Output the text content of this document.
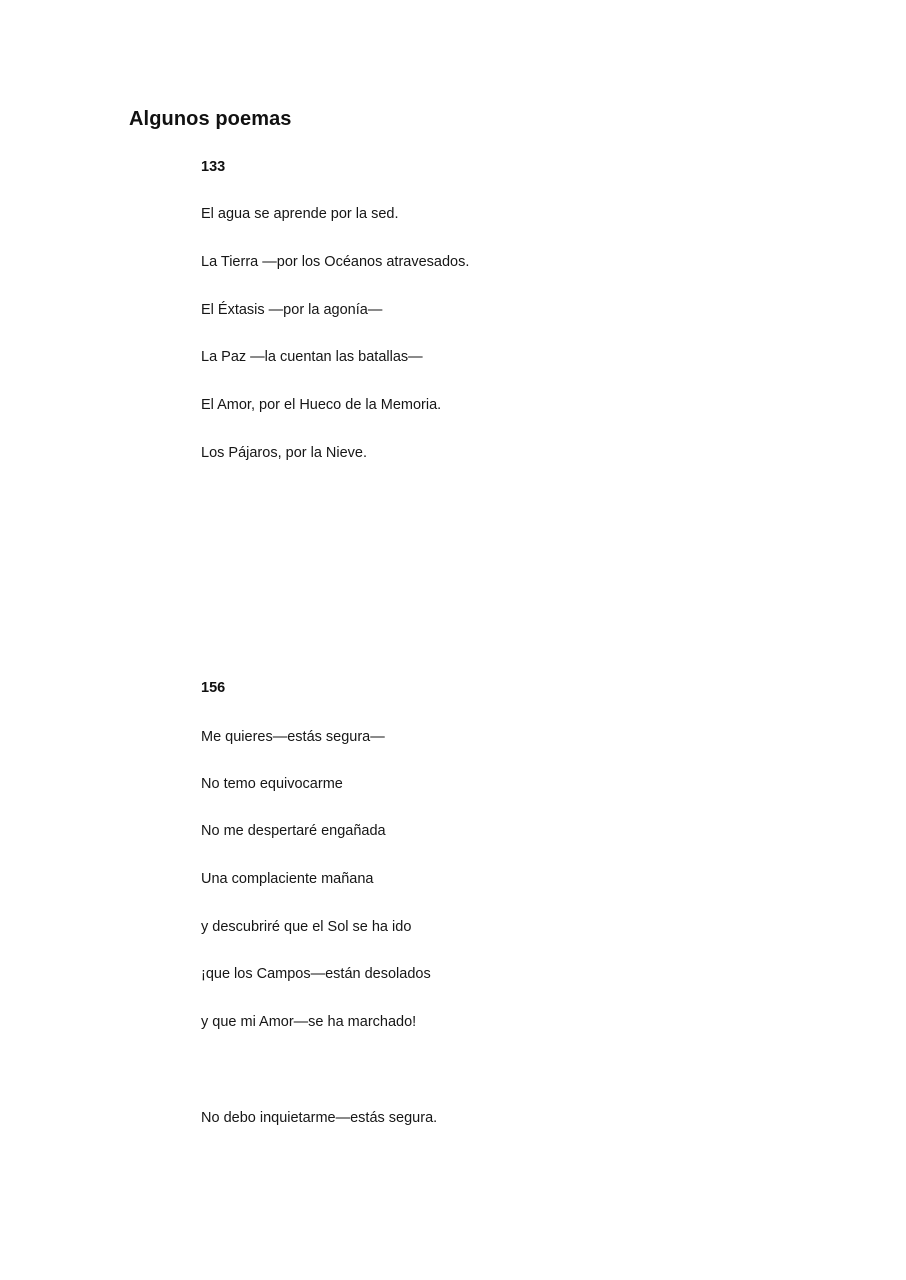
Algunos poemas
133
El agua se aprende por la sed.
La Tierra —por los Océanos atravesados.
El Éxtasis —por la agonía—
La Paz —la cuentan las batallas—
El Amor, por el Hueco de la Memoria.
Los Pájaros, por la Nieve.
156
Me quieres—estás segura—
No temo equivocarme
No me despertaré engañada
Una complaciente mañana
y descubriré que el Sol se ha ido
¡que los Campos—están desolados
y que mi Amor—se ha marchado!
No debo inquietarme—estás segura.
